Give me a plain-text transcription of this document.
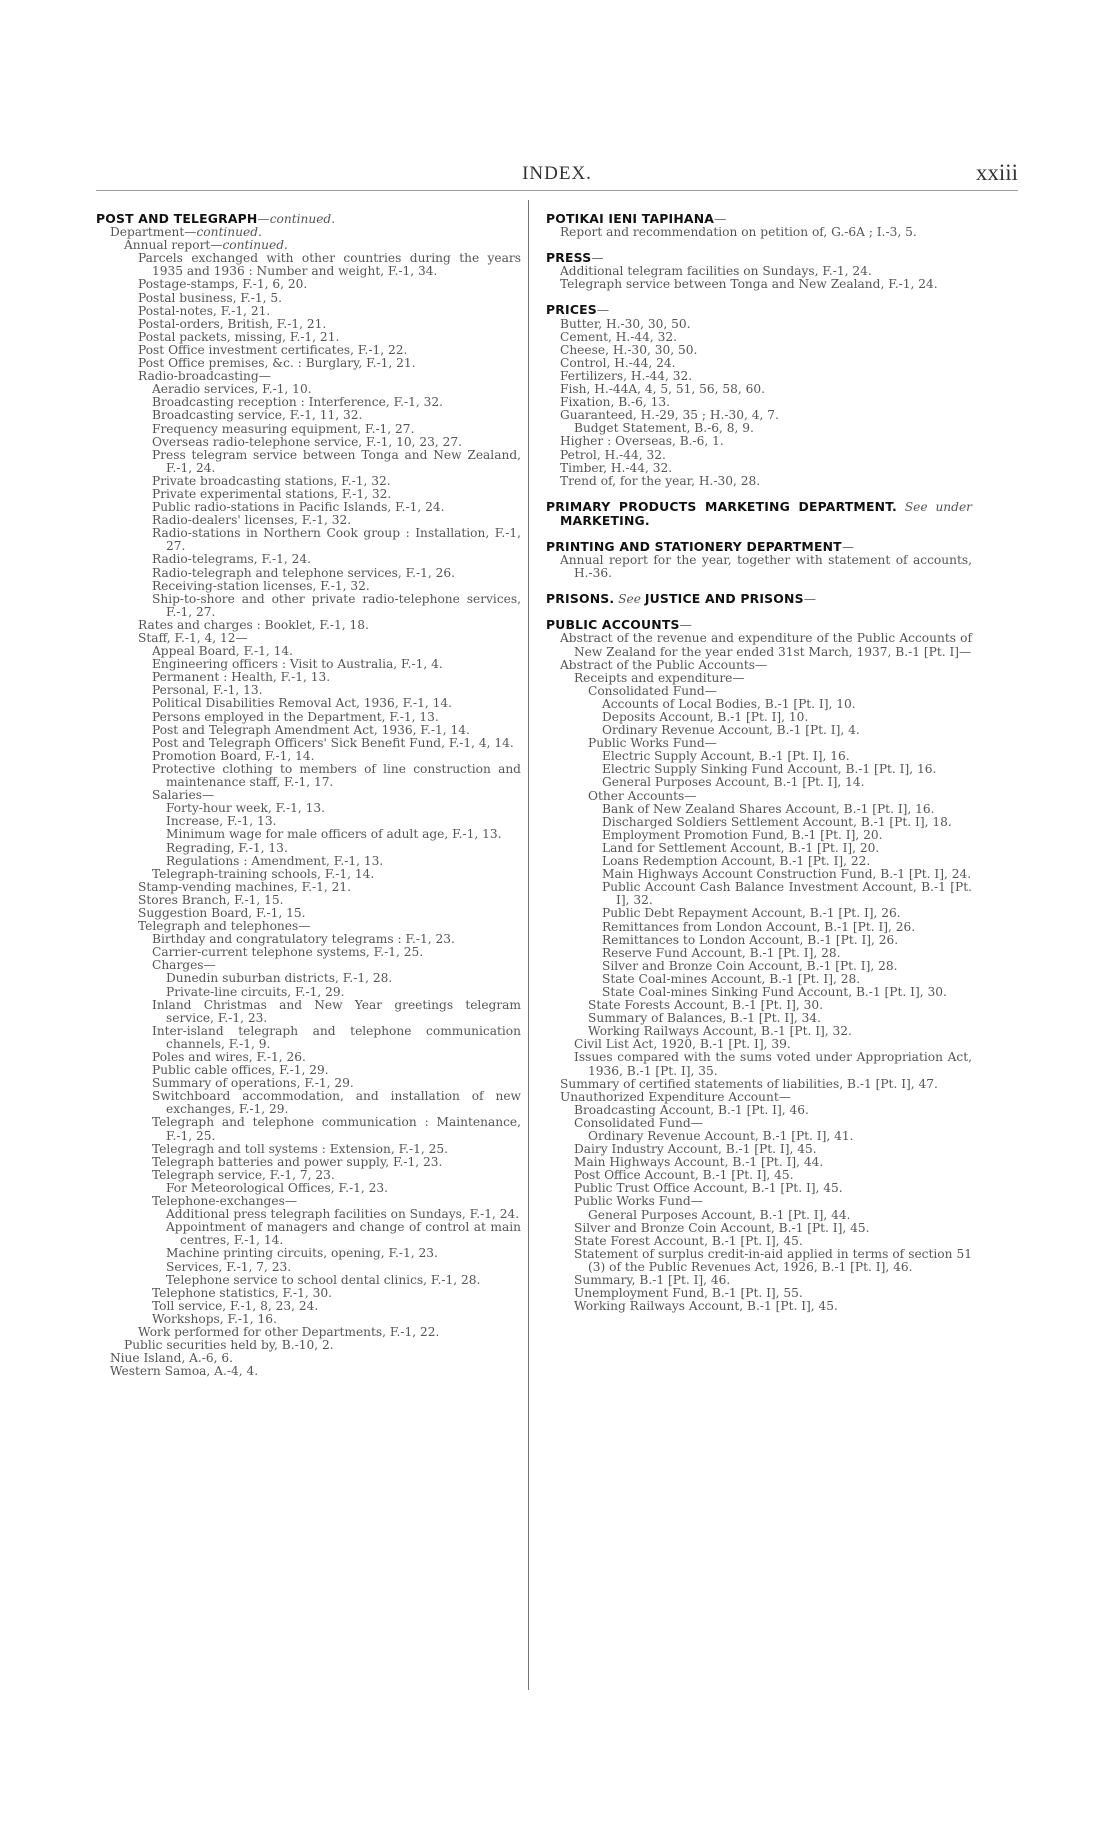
INDEX.	xxiii

POST AND TELEGRAPH—continued.

Department—continued.

Annual report—continued.

Parcels exchanged with other countries during the years 1935 and 1936 : Number and weight, F.-1, 34.

Postage-stamps, F.-1, 6, 20.

Postal business, F.-1, 5.

Postal-notes, F.-1, 21.

Postal-orders, British, F.-1, 21.

Postal packets, missing, F.-1, 21.

Post Office investment certificates, F.-1, 22.

Post Office premises, &c. : Burglary, F.-1, 21.

Radio-broadcasting—

Aeradio services, F.-1, 10.

Broadcasting reception : Interference, F.-1, 32.

Broadcasting service, F.-1, 11, 32.

Frequency measuring equipment, F.-1, 27.

Overseas radio-telephone service, F.-1, 10, 23, 27.

Press telegram service between Tonga and New Zealand, F.-1, 24.

Private broadcasting stations, F.-1, 32.

Private experimental stations, F.-1, 32.

Public radio-stations in Pacific Islands, F.-1, 24.

Radio-dealers' licenses, F.-1, 32.

Radio-stations in Northern Cook group : Installation, F.-1, 27.

Radio-telegrams, F.-1, 24.

Radio-telegraph and telephone services, F.-1, 26.

Receiving-station licenses, F.-1, 32.

Ship-to-shore and other private radio-telephone services, F.-1, 27.

Rates and charges : Booklet, F.-1, 18.

Staff, F.-1, 4, 12—

Appeal Board, F.-1, 14.

Engineering officers : Visit to Australia, F.-1, 4.

Permanent : Health, F.-1, 13.

Personal, F.-1, 13.

Political Disabilities Removal Act, 1936, F.-1, 14.

Persons employed in the Department, F.-1, 13.

Post and Telegraph Amendment Act, 1936, F.-1, 14.

Post and Telegraph Officers' Sick Benefit Fund, F.-1, 4, 14.

Promotion Board, F.-1, 14.

Protective clothing to members of line construction and maintenance staff, F.-1, 17.

Salaries—

Forty-hour week, F.-1, 13.

Increase, F.-1, 13.

Minimum wage for male officers of adult age, F.-1, 13.

Regrading, F.-1, 13.

Regulations : Amendment, F.-1, 13.

Telegraph-training schools, F.-1, 14.

Stamp-vending machines, F.-1, 21.

Stores Branch, F.-1, 15.

Suggestion Board, F.-1, 15.

Telegraph and telephones—

Birthday and congratulatory telegrams : F.-1, 23.

Carrier-current telephone systems, F.-1, 25.

Charges—

Dunedin suburban districts, F.-1, 28.

Private-line circuits, F.-1, 29.

Inland Christmas and New Year greetings telegram service, F.-1, 23.

Inter-island telegraph and telephone communication channels, F.-1, 9.

Poles and wires, F.-1, 26.

Public cable offices, F.-1, 29.

Summary of operations, F.-1, 29.

Switchboard accommodation, and installation of new exchanges, F.-1, 29.

Telegraph and telephone communication : Maintenance, F.-1, 25.

Telegragh and toll systems : Extension, F.-1, 25.

Telegraph batteries and power supply, F.-1, 23.

Telegraph service, F.-1, 7, 23.

For Meteorological Offices, F.-1, 23.

Telephone-exchanges—

Additional press telegraph facilities on Sundays, F.-1, 24.

Appointment of managers and change of control at main centres, F.-1, 14.

Machine printing circuits, opening, F.-1, 23.

Services, F.-1, 7, 23.

Telephone service to school dental clinics, F.-1, 28.

Telephone statistics, F.-1, 30.

Toll service, F.-1, 8, 23, 24.

Workshops, F.-1, 16.

Work performed for other Departments, F.-1, 22.

Public securities held by, B.-10, 2.

Niue Island, A.-6, 6.

Western Samoa, A.-4, 4.

POTIKAI IENI TAPIHANA—

Report and recommendation on petition of, G.-6A ; I.-3, 5.

PRESS—

Additional telegram facilities on Sundays, F.-1, 24.

Telegraph service between Tonga and New Zealand, F.-1, 24.

PRICES—

Butter, H.-30, 30, 50.

Cement, H.-44, 32.

Cheese, H.-30, 30, 50.

Control, H.-44, 24.

Fertilizers, H.-44, 32.

Fish, H.-44A, 4, 5, 51, 56, 58, 60.

Fixation, B.-6, 13.

Guaranteed, H.-29, 35 ; H.-30, 4, 7.

Budget Statement, B.-6, 8, 9.

Higher : Overseas, B.-6, 1.

Petrol, H.-44, 32.

Timber, H.-44, 32.

Trend of, for the year, H.-30, 28.

PRIMARY PRODUCTS MARKETING DEPARTMENT. See under MARKETING.

PRINTING AND STATIONERY DEPARTMENT—

Annual report for the year, together with statement of accounts, H.-36.

PRISONS. See JUSTICE AND PRISONS—

PUBLIC ACCOUNTS—

Abstract of the revenue and expenditure of the Public Accounts of New Zealand for the year ended 31st March, 1937, B.-1 [Pt. I]—

Abstract of the Public Accounts—

Receipts and expenditure—

Consolidated Fund—

Accounts of Local Bodies, B.-1 [Pt. I], 10.

Deposits Account, B.-1 [Pt. I], 10.

Ordinary Revenue Account, B.-1 [Pt. I], 4.

Public Works Fund—

Electric Supply Account, B.-1 [Pt. I], 16.

Electric Supply Sinking Fund Account, B.-1 [Pt. I], 16.

General Purposes Account, B.-1 [Pt. I], 14.

Other Accounts—

Bank of New Zealand Shares Account, B.-1 [Pt. I], 16.

Discharged Soldiers Settlement Account, B.-1 [Pt. I], 18.

Employment Promotion Fund, B.-1 [Pt. I], 20.

Land for Settlement Account, B.-1 [Pt. I], 20.

Loans Redemption Account, B.-1 [Pt. I], 22.

Main Highways Account Construction Fund, B.-1 [Pt. I], 24.

Public Account Cash Balance Investment Account, B.-1 [Pt. I], 32.

Public Debt Repayment Account, B.-1 [Pt. I], 26.

Remittances from London Account, B.-1 [Pt. I], 26.

Remittances to London Account, B.-1 [Pt. I], 26.

Reserve Fund Account, B.-1 [Pt. I], 28.

Silver and Bronze Coin Account, B.-1 [Pt. I], 28.

State Coal-mines Account, B.-1 [Pt. I], 28.

State Coal-mines Sinking Fund Account, B.-1 [Pt. I], 30.

State Forests Account, B.-1 [Pt. I], 30.

Summary of Balances, B.-1 [Pt. I], 34.

Working Railways Account, B.-1 [Pt. I], 32.

Civil List Act, 1920, B.-1 [Pt. I], 39.

Issues compared with the sums voted under Appropriation Act, 1936, B.-1 [Pt. I], 35.

Summary of certified statements of liabilities, B.-1 [Pt. I], 47.

Unauthorized Expenditure Account—

Broadcasting Account, B.-1 [Pt. I], 46.

Consolidated Fund—

Ordinary Revenue Account, B.-1 [Pt. I], 41.

Dairy Industry Account, B.-1 [Pt. I], 45.

Main Highways Account, B.-1 [Pt. I], 44.

Post Office Account, B.-1 [Pt. I], 45.

Public Trust Office Account, B.-1 [Pt. I], 45.

Public Works Fund—

General Purposes Account, B.-1 [Pt. I], 44.

Silver and Bronze Coin Account, B.-1 [Pt. I], 45.

State Forest Account, B.-1 [Pt. I], 45.

Statement of surplus credit-in-aid applied in terms of section 51 (3) of the Public Revenues Act, 1926, B.-1 [Pt. I], 46.

Summary, B.-1 [Pt. I], 46.

Unemployment Fund, B.-1 [Pt. I], 55.

Working Railways Account, B.-1 [Pt. I], 45.
